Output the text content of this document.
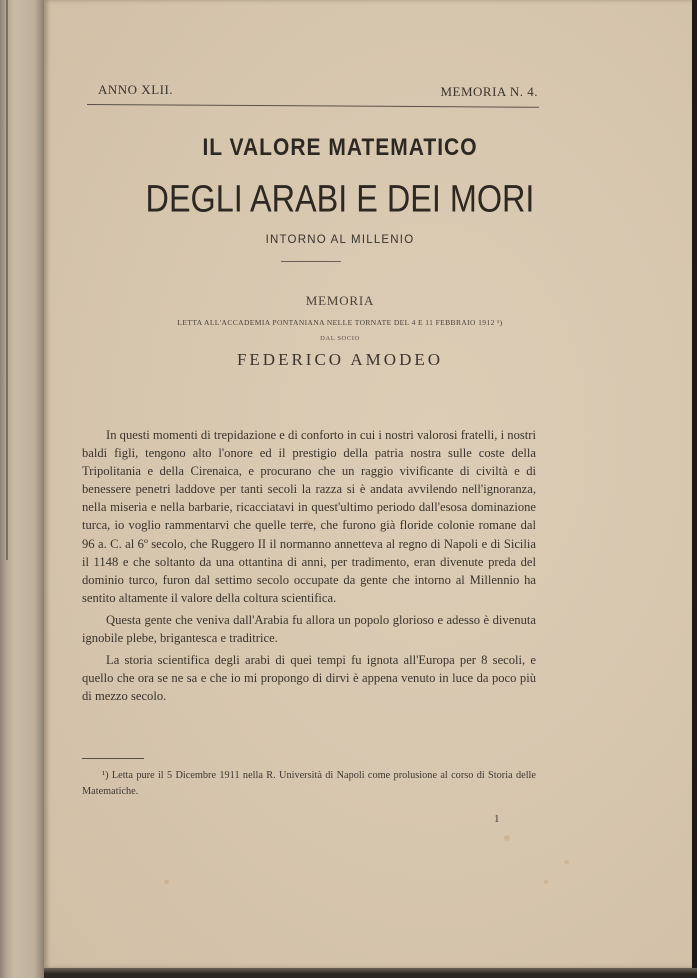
ANNO XLII.	MEMORIA N. 4.
IL VALORE MATEMATICO
DEGLI ARABI E DEI MORI
INTORNO AL MILLENIO
MEMORIA
LETTA ALL'ACCADEMIA PONTANIANA NELLE TORNATE DEL 4 E 11 FEBBRAIO 1912 ¹)
DAL SOCIO
FEDERICO AMODEO

In questi momenti di trepidazione e di conforto in cui i nostri valorosi fratelli, i nostri baldi figli, tengono alto l'onore ed il prestigio della patria nostra sulle coste della Tripolitania e della Cirenaica, e procurano che un raggio vivificante di civiltà e di benessere penetri laddove per tanti secoli la razza si è andata avvilendo nell'ignoranza, nella miseria e nella barbarie, ricacciatavi in quest'ultimo periodo dall'esosa dominazione turca, io voglio rammentarvi che quelle terre, che furono già floride colonie romane dal 96 a. C. al 6º secolo, che Ruggero II il normanno annetteva al regno di Napoli e di Sicilia il 1148 e che soltanto da una ottantina di anni, per tradimento, eran divenute preda del dominio turco, furon dal settimo secolo occupate da gente che intorno al Millennio ha sentito altamente il valore della coltura scientifica.

Questa gente che veniva dall'Arabia fu allora un popolo glorioso e adesso è divenuta ignobile plebe, brigantesca e traditrice.

La storia scientifica degli arabi di quei tempi fu ignota all'Europa per 8 secoli, e quello che ora se ne sa e che io mi propongo di dirvi è appena venuto in luce da poco più di mezzo secolo.

¹) Letta pure il 5 Dicembre 1911 nella R. Università di Napoli come prolusione al corso di Storia delle Matematiche.

1
